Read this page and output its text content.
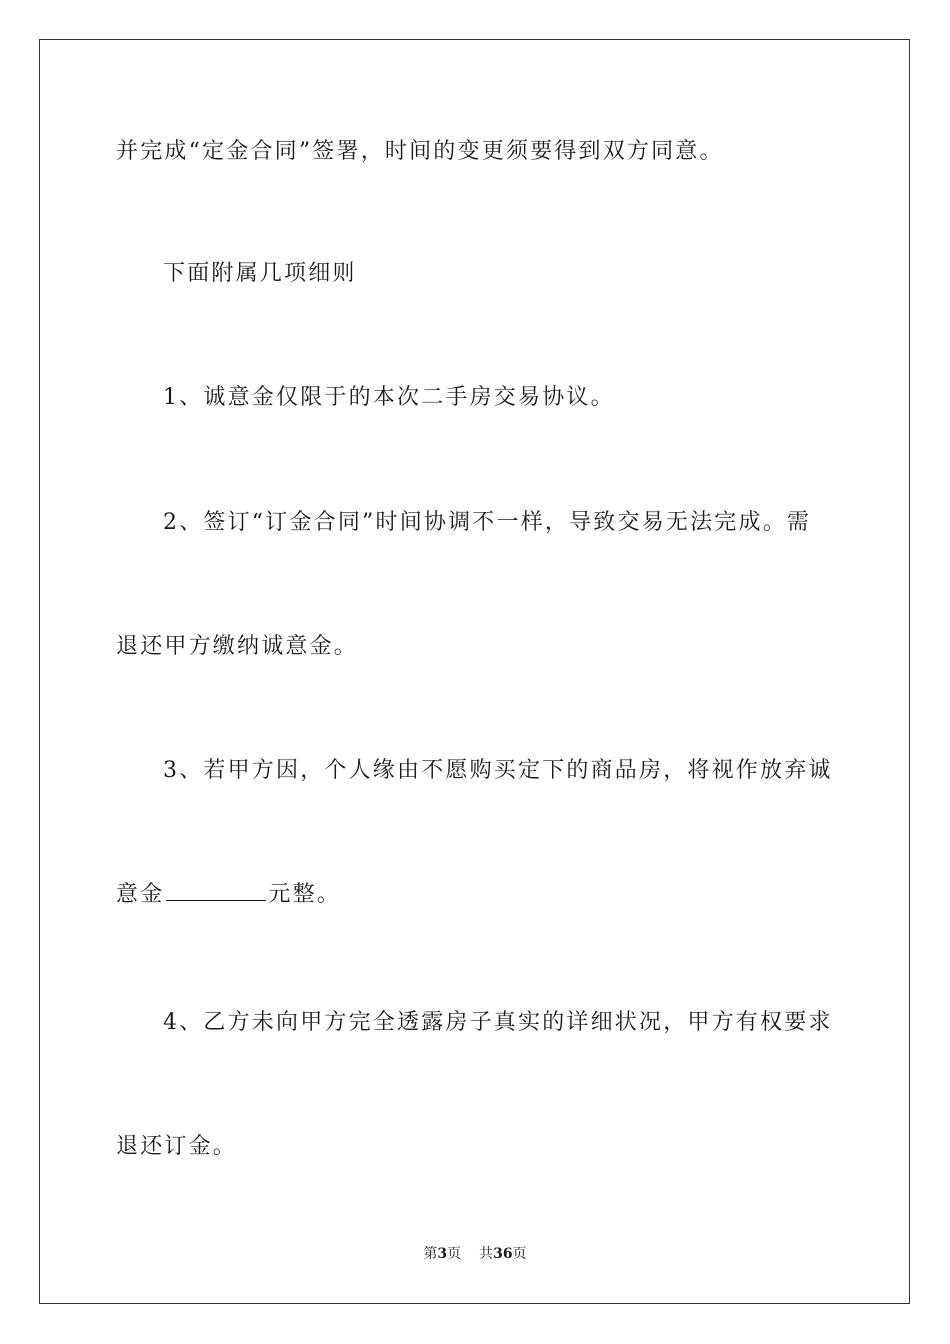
并完成“定金合同”签署，时间的变更须要得到双方同意。
下面附属几项细则
1、诚意金仅限于的本次二手房交易协议。
2、签订“订金合同”时间协调不一样，导致交易无法完成。需
退还甲方缴纳诚意金。
3、若甲方因，个人缘由不愿购买定下的商品房，将视作放弃诚
意金	元整。
4、乙方未向甲方完全透露房子真实的详细状况，甲方有权要求
退还订金。
第3页 共36页
